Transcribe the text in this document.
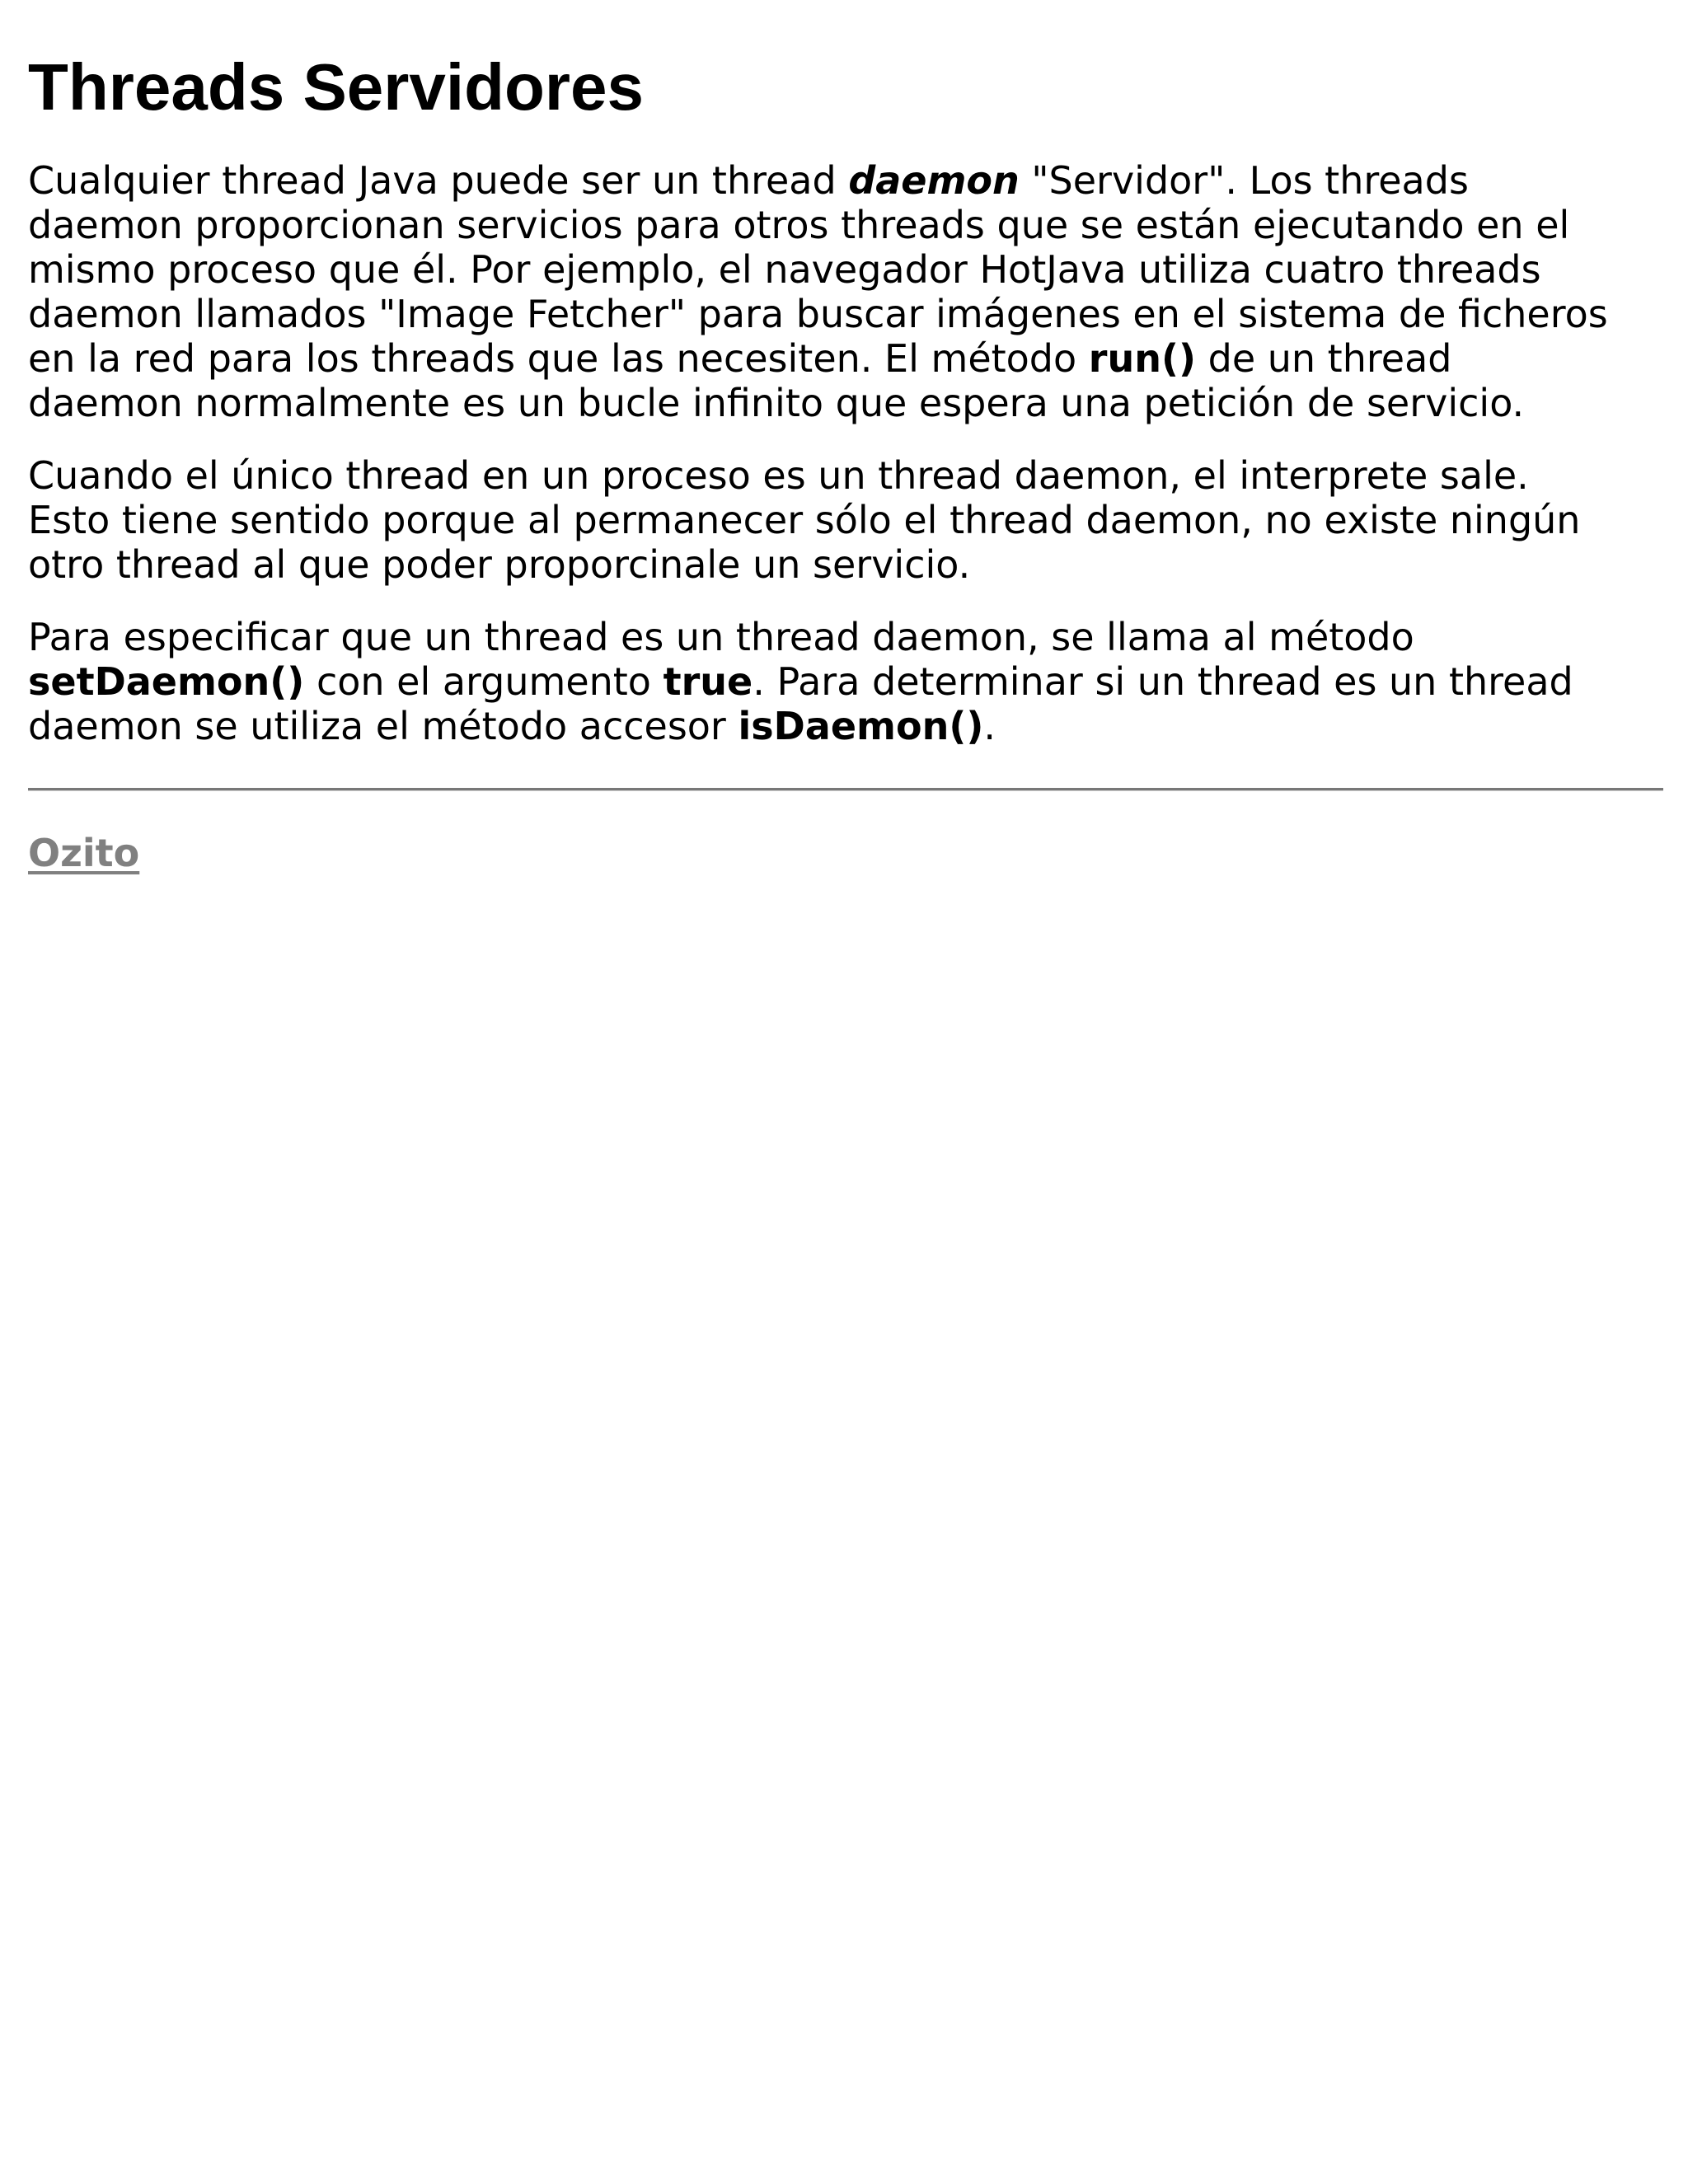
Threads Servidores

Cualquier thread Java puede ser un thread daemon "Servidor". Los threads
daemon proporcionan servicios para otros threads que se están ejecutando en el
mismo proceso que él. Por ejemplo, el navegador HotJava utiliza cuatro threads
daemon llamados "Image Fetcher" para buscar imágenes en el sistema de ficheros
en la red para los threads que las necesiten. El método run() de un thread
daemon normalmente es un bucle infinito que espera una petición de servicio.

Cuando el único thread en un proceso es un thread daemon, el interprete sale.
Esto tiene sentido porque al permanecer sólo el thread daemon, no existe ningún
otro thread al que poder proporcinale un servicio.

Para especificar que un thread es un thread daemon, se llama al método
setDaemon() con el argumento true. Para determinar si un thread es un thread
daemon se utiliza el método accesor isDaemon().

Ozito
